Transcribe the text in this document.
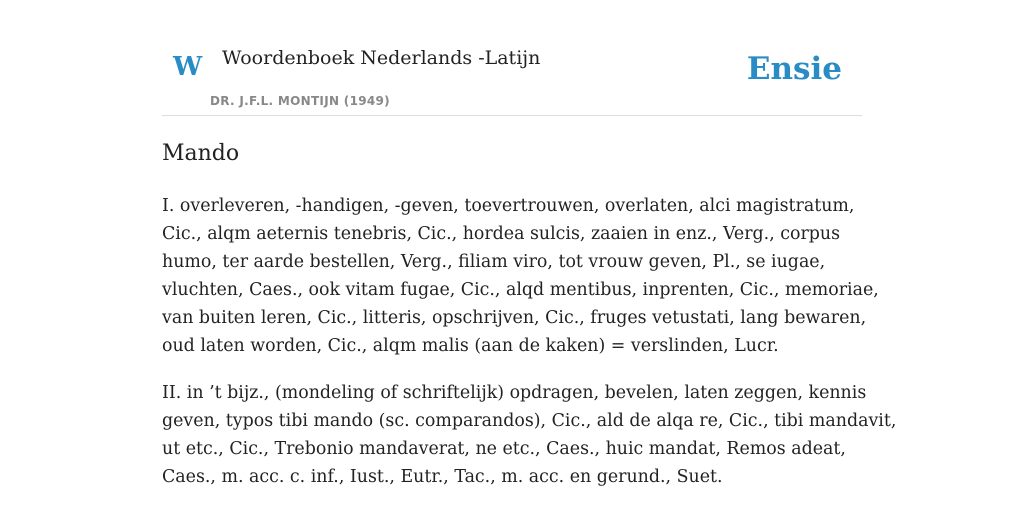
W Woordenboek Nederlands -Latijn
DR. J.F.L. MONTIJN (1949)
Ensie
Mando

I. overleveren, -handigen, -geven, toevertrouwen, overlaten, alci magistratum,
Cic., alqm aeternis tenebris, Cic., hordea sulcis, zaaien in enz., Verg., corpus
humo, ter aarde bestellen, Verg., filiam viro, tot vrouw geven, Pl., se iugae,
vluchten, Caes., ook vitam fugae, Cic., alqd mentibus, inprenten, Cic., memoriae,
van buiten leren, Cic., litteris, opschrijven, Cic., fruges vetustati, lang bewaren,
oud laten worden, Cic., alqm malis (aan de kaken) = verslinden, Lucr.

II. in ’t bijz., (mondeling of schriftelijk) opdragen, bevelen, laten zeggen, kennis
geven, typos tibi mando (sc. comparandos), Cic., ald de alqa re, Cic., tibi mandavit,
ut etc., Cic., Trebonio mandaverat, ne etc., Caes., huic mandat, Remos adeat,
Caes., m. acc. c. inf., Iust., Eutr., Tac., m. acc. en gerund., Suet.
